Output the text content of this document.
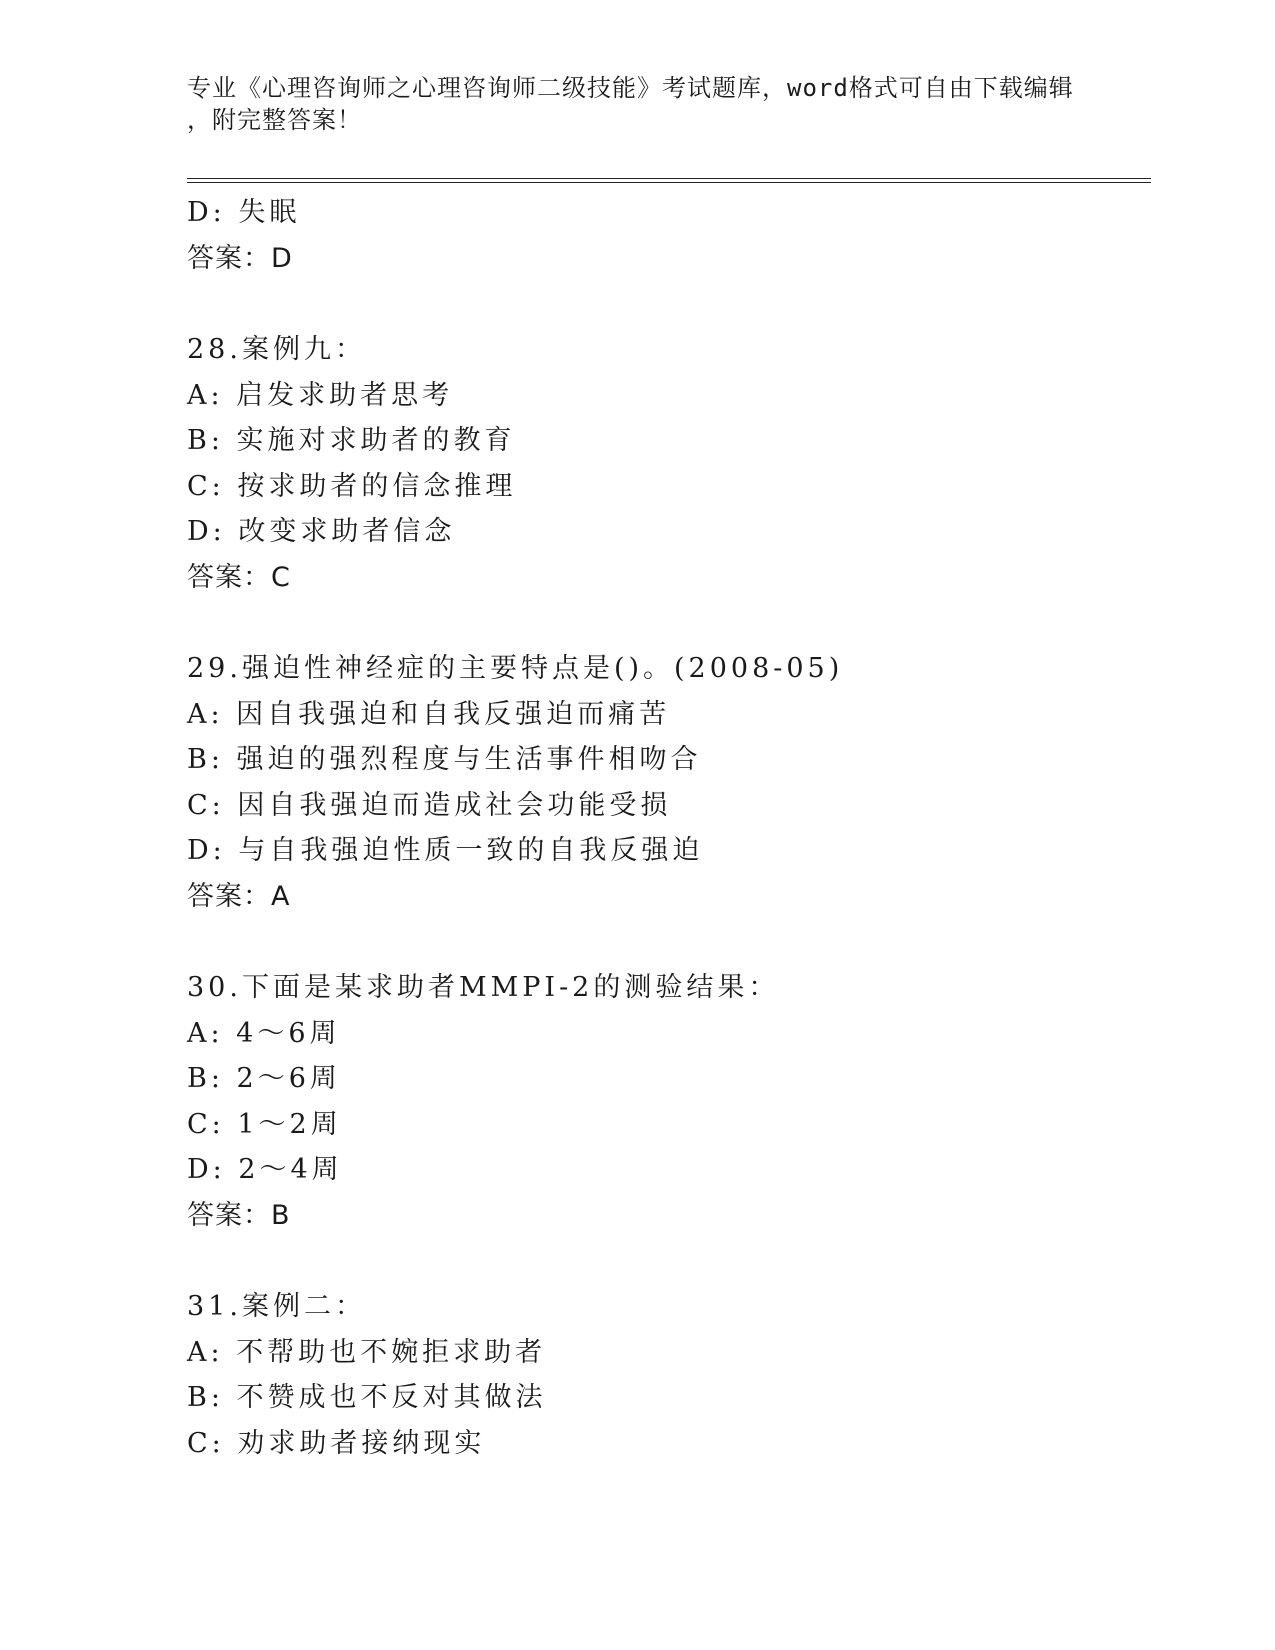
专业《心理咨询师之心理咨询师二级技能》考试题库，word格式可自由下载编辑
，附完整答案！
D: 失眠
答案：D
28.案例九：
A: 启发求助者思考
B: 实施对求助者的教育
C: 按求助者的信念推理
D: 改变求助者信念
答案：C
29.强迫性神经症的主要特点是()。(2008-05)
A: 因自我强迫和自我反强迫而痛苦
B: 强迫的强烈程度与生活事件相吻合
C: 因自我强迫而造成社会功能受损
D: 与自我强迫性质一致的自我反强迫
答案：A
30.下面是某求助者MMPI-2的测验结果：
A: 4～6周
B: 2～6周
C: 1～2周
D: 2～4周
答案：B
31.案例二：
A: 不帮助也不婉拒求助者
B: 不赞成也不反对其做法
C: 劝求助者接纳现实
